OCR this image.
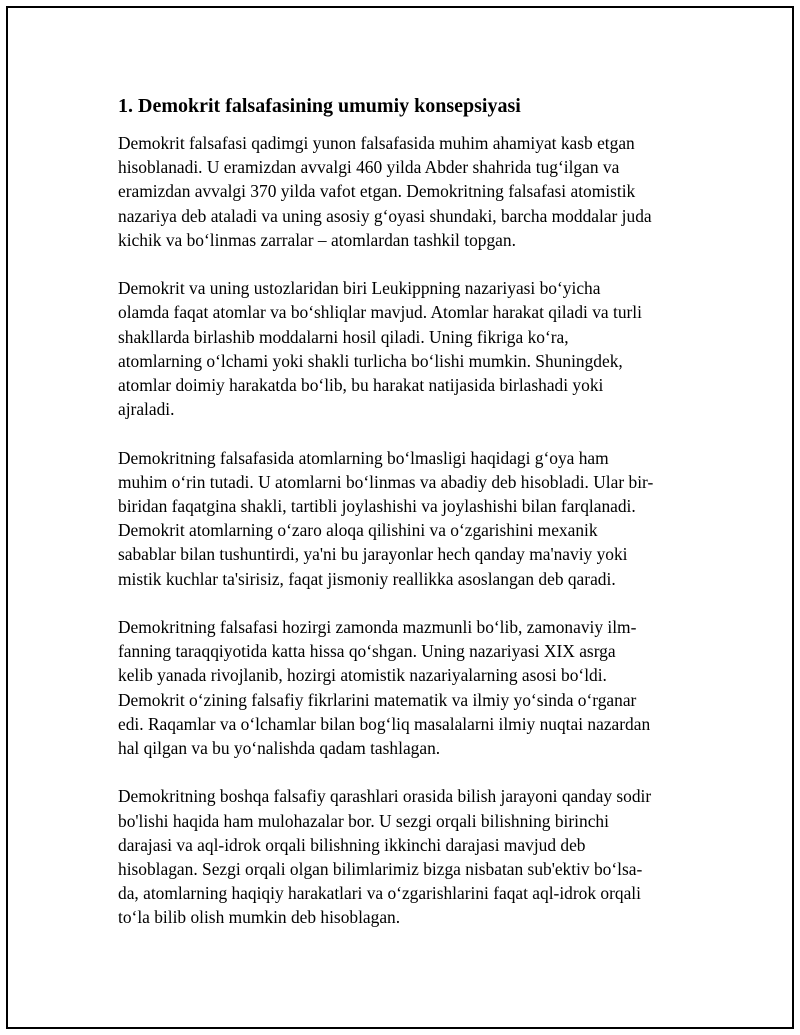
1. Demokrit falsafasining umumiy konsepsiyasi

Demokrit falsafasi qadimgi yunon falsafasida muhim ahamiyat kasb etgan
hisoblanadi. U eramizdan avvalgi 460 yilda Abder shahrida tug‘ilgan va
eramizdan avvalgi 370 yilda vafot etgan. Demokritning falsafasi atomistik
nazariya deb ataladi va uning asosiy g‘oyasi shundaki, barcha moddalar juda
kichik va bo‘linmas zarralar – atomlardan tashkil topgan.

Demokrit va uning ustozlaridan biri Leukippning nazariyasi bo‘yicha
olamda faqat atomlar va bo‘shliqlar mavjud. Atomlar harakat qiladi va turli
shakllarda birlashib moddalarni hosil qiladi. Uning fikriga ko‘ra,
atomlarning o‘lchami yoki shakli turlicha bo‘lishi mumkin. Shuningdek,
atomlar doimiy harakatda bo‘lib, bu harakat natijasida birlashadi yoki
ajraladi.

Demokritning falsafasida atomlarning bo‘lmasligi haqidagi g‘oya ham
muhim o‘rin tutadi. U atomlarni bo‘linmas va abadiy deb hisobladi. Ular bir-
biridan faqatgina shakli, tartibli joylashishi va joylashishi bilan farqlanadi.
Demokrit atomlarning o‘zaro aloqa qilishini va o‘zgarishini mexanik
sabablar bilan tushuntirdi, ya'ni bu jarayonlar hech qanday ma'naviy yoki
mistik kuchlar ta'sirisiz, faqat jismoniy reallikka asoslangan deb qaradi.

Demokritning falsafasi hozirgi zamonda mazmunli bo‘lib, zamonaviy ilm-
fanning taraqqiyotida katta hissa qo‘shgan. Uning nazariyasi XIX asrga
kelib yanada rivojlanib, hozirgi atomistik nazariyalarning asosi bo‘ldi.
Demokrit o‘zining falsafiy fikrlarini matematik va ilmiy yo‘sinda o‘rganar
edi. Raqamlar va o‘lchamlar bilan bog‘liq masalalarni ilmiy nuqtai nazardan
hal qilgan va bu yo‘nalishda qadam tashlagan.

Demokritning boshqa falsafiy qarashlari orasida bilish jarayoni qanday sodir
bo'lishi haqida ham mulohazalar bor. U sezgi orqali bilishning birinchi
darajasi va aql-idrok orqali bilishning ikkinchi darajasi mavjud deb
hisoblagan. Sezgi orqali olgan bilimlarimiz bizga nisbatan sub'ektiv bo‘lsa-
da, atomlarning haqiqiy harakatlari va o‘zgarishlarini faqat aql-idrok orqali
to‘la bilib olish mumkin deb hisoblagan.
